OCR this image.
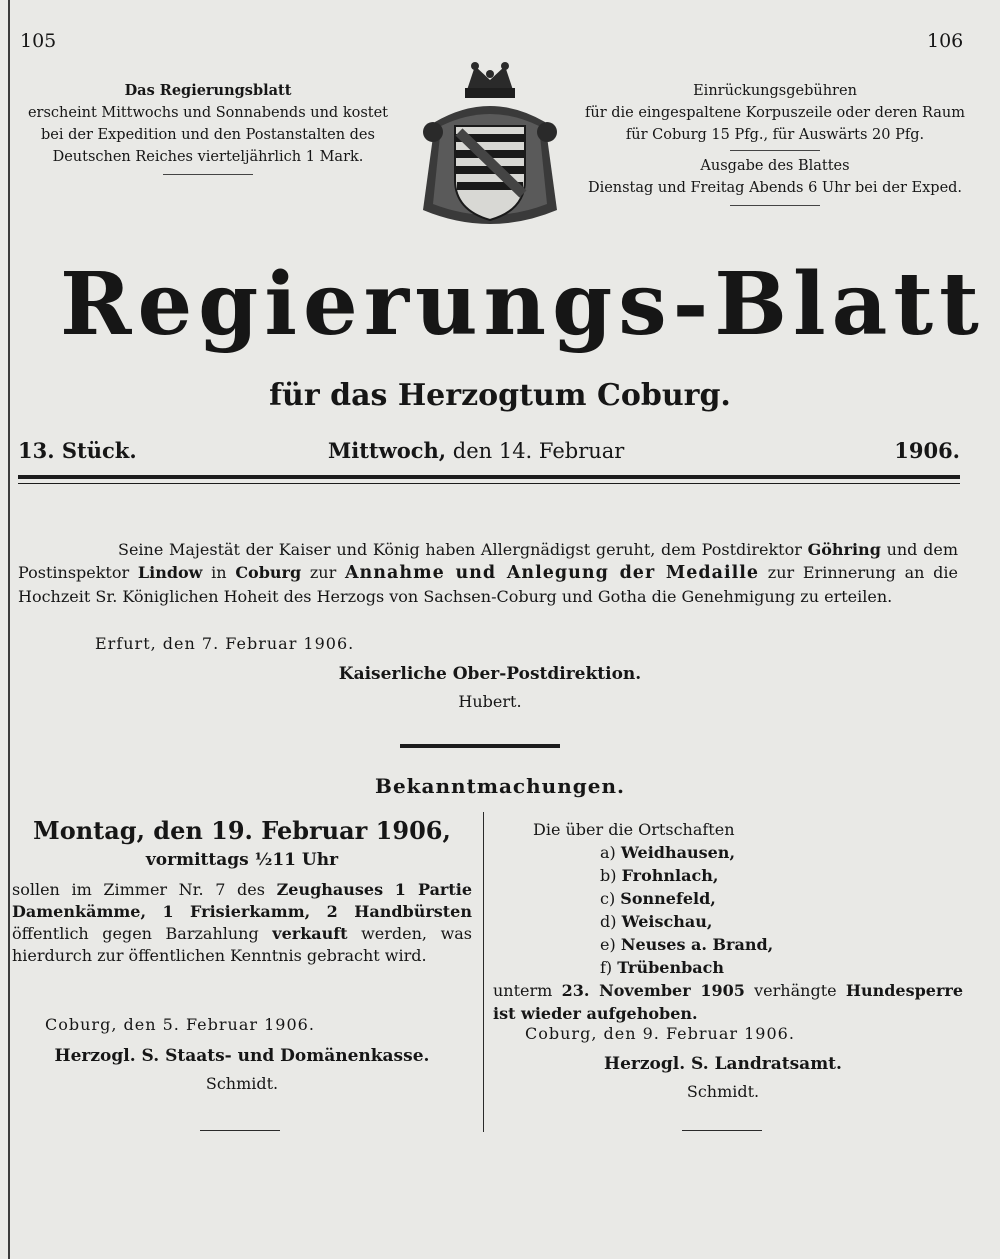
105	106
Das Regierungsblatt
erscheint Mittwochs und Sonnabends und kostet
bei der Expedition und den Postanstalten des
Deutschen Reiches vierteljährlich 1 Mark.
Einrückungsgebühren
für die eingespaltene Korpuszeile oder deren Raum
für Coburg 15 Pfg., für Auswärts 20 Pfg.
Ausgabe des Blattes
Dienstag und Freitag Abends 6 Uhr bei der Exped.
Regierungs-Blatt
für das Herzogtum Coburg.
13. Stück.	Mittwoch, den 14. Februar	1906.
Seine Majestät der Kaiser und König haben Allergnädigst geruht, dem Postdirektor Göhring und dem Postinspektor Lindow in Coburg zur Annahme und Anlegung der Medaille zur Erinnerung an die Hochzeit Sr. Königlichen Hoheit des Herzogs von Sachsen-Coburg und Gotha die Genehmigung zu erteilen.
Erfurt, den 7. Februar 1906.
Kaiserliche Ober-Postdirektion.
Hubert.
Bekanntmachungen.
Montag, den 19. Februar 1906,
vormittags ½11 Uhr
sollen im Zimmer Nr. 7 des Zeughauses 1 Partie Damenkämme, 1 Frisierkamm, 2 Handbürsten öffentlich gegen Barzahlung verkauft werden, was hierdurch zur öffentlichen Kenntnis gebracht wird.
Coburg, den 5. Februar 1906.
Herzogl. S. Staats- und Domänenkasse.
Schmidt.
Die über die Ortschaften
a) Weidhausen,
b) Frohnlach,
c) Sonnefeld,
d) Weischau,
e) Neuses a. Brand,
f) Trübenbach
unterm 23. November 1905 verhängte Hundesperre ist wieder aufgehoben.
Coburg, den 9. Februar 1906.
Herzogl. S. Landratsamt.
Schmidt.
